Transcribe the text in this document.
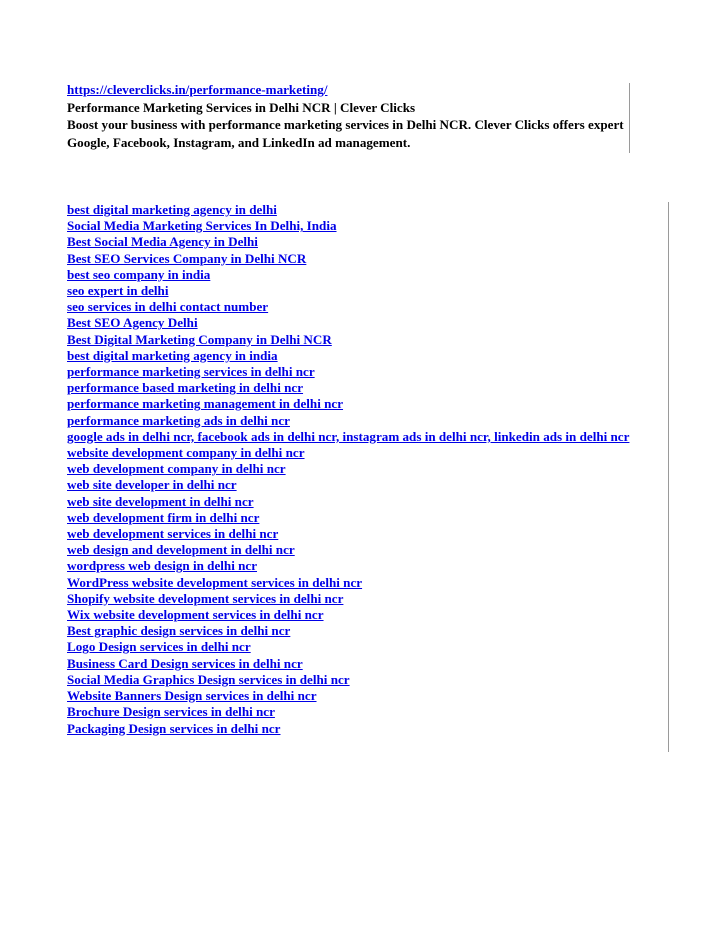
https://cleverclicks.in/performance-marketing/
Performance Marketing Services in Delhi NCR | Clever Clicks
Boost your business with performance marketing services in Delhi NCR. Clever Clicks offers expert Google, Facebook, Instagram, and LinkedIn ad management.
best digital marketing agency in delhi
Social Media Marketing Services In Delhi, India
Best Social Media Agency in Delhi
Best SEO Services Company in Delhi NCR
best seo company in india
seo expert in delhi
seo services in delhi contact number
Best SEO Agency Delhi
Best Digital Marketing Company in Delhi NCR
best digital marketing agency in india
performance marketing services in delhi ncr
performance based marketing in delhi ncr
performance marketing management in delhi ncr
performance marketing ads in delhi ncr
google ads in delhi ncr, facebook ads in delhi ncr, instagram ads in delhi ncr, linkedin ads in delhi ncr
website development company in delhi ncr
web development company in delhi ncr
web site developer in delhi ncr
web site development in delhi ncr
web development firm in delhi ncr
web development services in delhi ncr
web design and development in delhi ncr
wordpress web design in delhi ncr
WordPress website development services in delhi ncr
Shopify website development services in delhi ncr
Wix website development services in delhi ncr
Best graphic design services in delhi ncr
Logo Design services in delhi ncr
Business Card Design services in delhi ncr
Social Media Graphics Design services in delhi ncr
Website Banners Design services in delhi ncr
Brochure Design services in delhi ncr
Packaging Design services in delhi ncr
